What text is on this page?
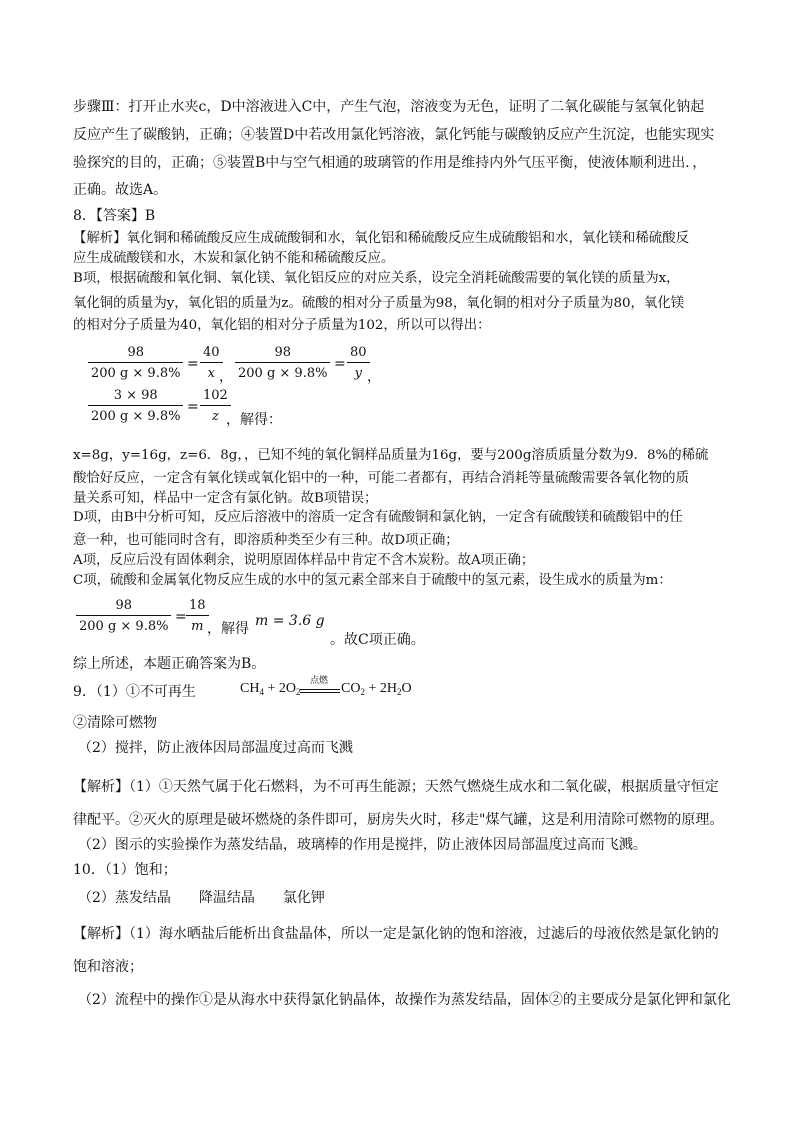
步骤Ⅲ：打开止水夹c，D中溶液进入C中，产生气泡，溶液变为无色，证明了二氧化碳能与氢氧化钠起
反应产生了碳酸钠，正确；④装置D中若改用氯化钙溶液，氯化钙能与碳酸钠反应产生沉淀，也能实现实
验探究的目的，正确；⑤装置B中与空气相通的玻璃管的作用是维持内外气压平衡，使液体顺利进出．，
正确。故选A。
8．【答案】B
【解析】氧化铜和稀硫酸反应生成硫酸铜和水，氧化铝和稀硫酸反应生成硫酸铝和水，氧化镁和稀硫酸反
应生成硫酸镁和水，木炭和氯化钠不能和稀硫酸反应。
B项，根据硫酸和氧化铜、氧化镁、氧化铝反应的对应关系，设完全消耗硫酸需要的氧化镁的质量为x，
氧化铜的质量为y，氧化铝的质量为z。硫酸的相对分子质量为98，氧化铜的相对分子质量为80，氧化镁
的相对分子质量为40，氧化铝的相对分子质量为102，所以可以得出：
98
200 g × 9.8%
=
40
x ，
98
200 g × 9.8%
=
80
y ，
3 × 98
200 g × 9.8%
=
102
z ，解得：
x=8g，y=16g，z=6．8g，，已知不纯的氧化铜样品质量为16g，要与200g溶质质量分数为9．8%的稀硫
酸恰好反应，一定含有氧化镁或氧化铝中的一种，可能二者都有，再结合消耗等量硫酸需要各氧化物的质
量关系可知，样品中一定含有氯化钠。故B项错误；
D项，由B中分析可知，反应后溶液中的溶质一定含有硫酸铜和氯化钠，一定含有硫酸镁和硫酸铝中的任
意一种，也可能同时含有，即溶质种类至少有三种。故D项正确；
A项，反应后没有固体剩余，说明原固体样品中肯定不含木炭粉。故A项正确；
C项，硫酸和金属氧化物反应生成的水中的氢元素全部来自于硫酸中的氢元素，设生成水的质量为m：
98
200 g × 9.8%
=
18
m ，解得 m = 3.6 g
。故C项正确。
综上所述，本题正确答案为B。
9．（1）①不可再生	$CH_4 + 2O_2$
点燃 $CO_2 + 2H_2O$
②清除可燃物
（2）搅拌，防止液体因局部温度过高而飞溅
【解析】（1）①天然气属于化石燃料，为不可再生能源；天然气燃烧生成水和二氧化碳，根据质量守恒定
律配平。②灭火的原理是破坏燃烧的条件即可，厨房失火时，移走"煤气罐，这是利用清除可燃物的原理。
（2）图示的实验操作为蒸发结晶，玻璃棒的作用是搅拌，防止液体因局部温度过高而飞溅。
10．（1）饱和；
（2）蒸发结晶　　降温结晶　　氯化钾
【解析】（1）海水晒盐后能析出食盐晶体，所以一定是氯化钠的饱和溶液，过滤后的母液依然是氯化钠的
饱和溶液；
（2）流程中的操作①是从海水中获得氯化钠晶体，故操作为蒸发结晶，固体②的主要成分是氯化钾和氯化
